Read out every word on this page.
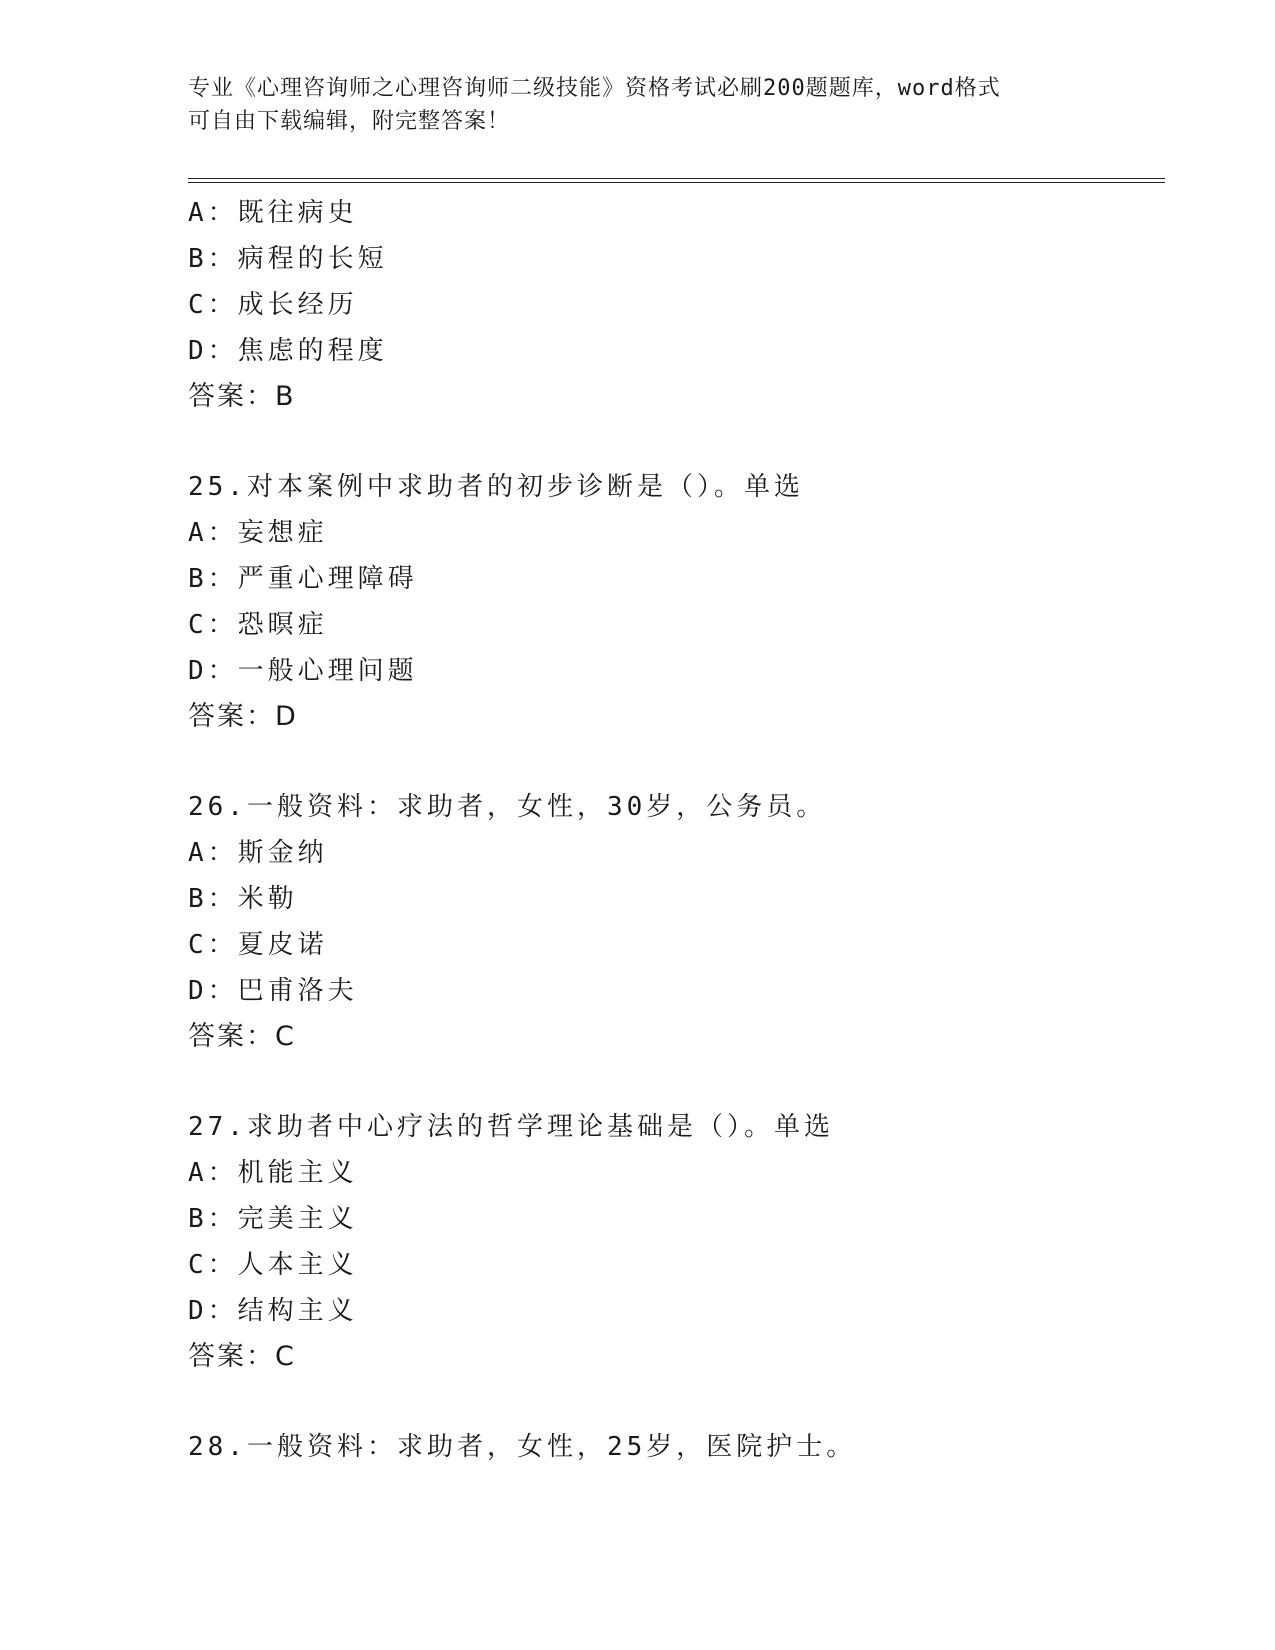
专业《心理咨询师之心理咨询师二级技能》资格考试必刷200题题库，word格式
可自由下载编辑，附完整答案！
A：既往病史
B：病程的长短
C：成长经历
D：焦虑的程度
答案：B
25.对本案例中求助者的初步诊断是（）。单选
A：妄想症
B：严重心理障碍
C：恐暝症
D：一般心理问题
答案：D
26.一般资料：求助者，女性，30岁，公务员。
A：斯金纳
B：米勒
C：夏皮诺
D：巴甫洛夫
答案：C
27.求助者中心疗法的哲学理论基础是（）。单选
A：机能主义
B：完美主义
C：人本主义
D：结构主义
答案：C
28.一般资料：求助者，女性，25岁，医院护士。
